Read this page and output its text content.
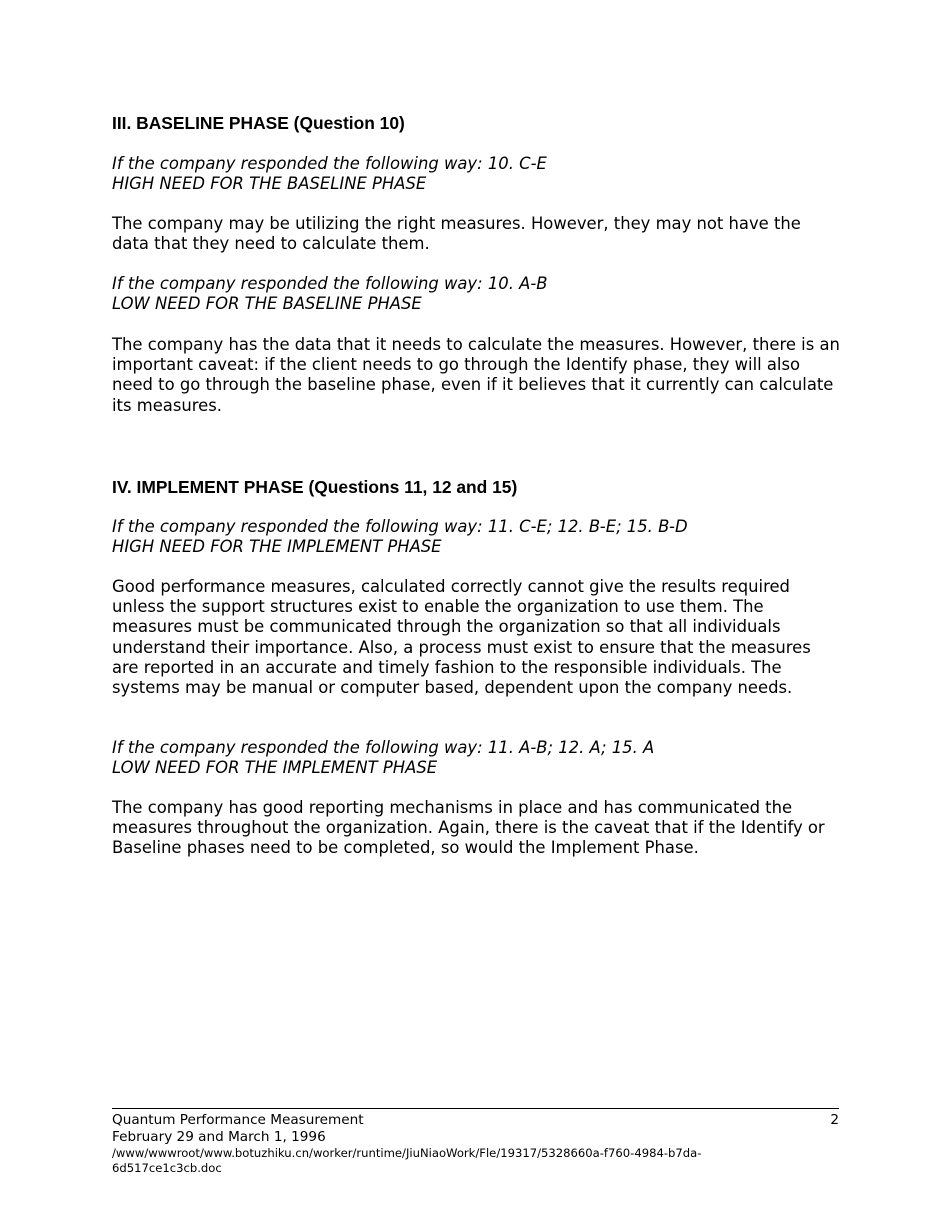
III. BASELINE PHASE (Question 10)
If the company responded the following way: 10. C-E
HIGH NEED FOR THE BASELINE PHASE

The company may be utilizing the right measures. However, they may not have the data that they need to calculate them.

If the company responded the following way: 10. A-B
LOW NEED FOR THE BASELINE PHASE

The company has the data that it needs to calculate the measures. However, there is an important caveat: if the client needs to go through the Identify phase, they will also need to go through the baseline phase, even if it believes that it currently can calculate its measures.

IV. IMPLEMENT PHASE (Questions 11, 12 and 15)
If the company responded the following way: 11. C-E; 12. B-E; 15. B-D
HIGH NEED FOR THE IMPLEMENT PHASE

Good performance measures, calculated correctly cannot give the results required unless the support structures exist to enable the organization to use them. The measures must be communicated through the organization so that all individuals understand their importance. Also, a process must exist to ensure that the measures are reported in an accurate and timely fashion to the responsible individuals. The systems may be manual or computer based, dependent upon the company needs.

If the company responded the following way: 11. A-B; 12. A; 15. A
LOW NEED FOR THE IMPLEMENT PHASE

The company has good reporting mechanisms in place and has communicated the measures throughout the organization. Again, there is the caveat that if the Identify or Baseline phases need to be completed, so would the Implement Phase.

Quantum Performance Measurement
February 29 and March 1, 1996
/www/wwwroot/www.botuzhiku.cn/worker/runtime/JiuNiaoWork/Fle/19317/5328660a-f760-4984-b7da-
6d517ce1c3cb.doc
2
